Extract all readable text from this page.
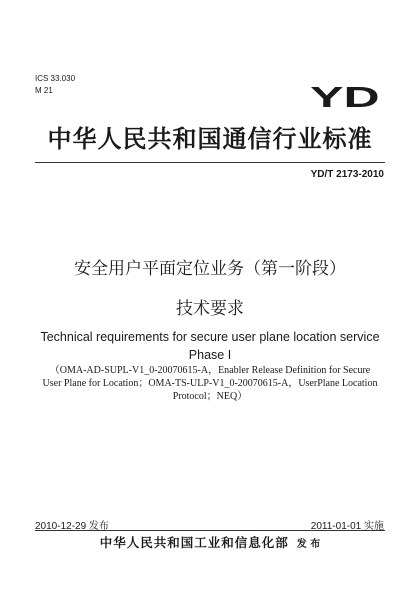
ICS 33.030
M 21	YD
中华人民共和国通信行业标准
YD/T 2173-2010
安全用户平面定位业务（第一阶段）
技术要求
Technical requirements for secure user plane location service
Phase I
（OMA-AD-SUPL-V1_0-20070615-A，Enabler Release Definition for Secure User Plane for Location；OMA-TS-ULP-V1_0-20070615-A，UserPlane Location Protocol；NEQ）
2010-12-29 发布	2011-01-01 实施
中华人民共和国工业和信息化部 发 布
